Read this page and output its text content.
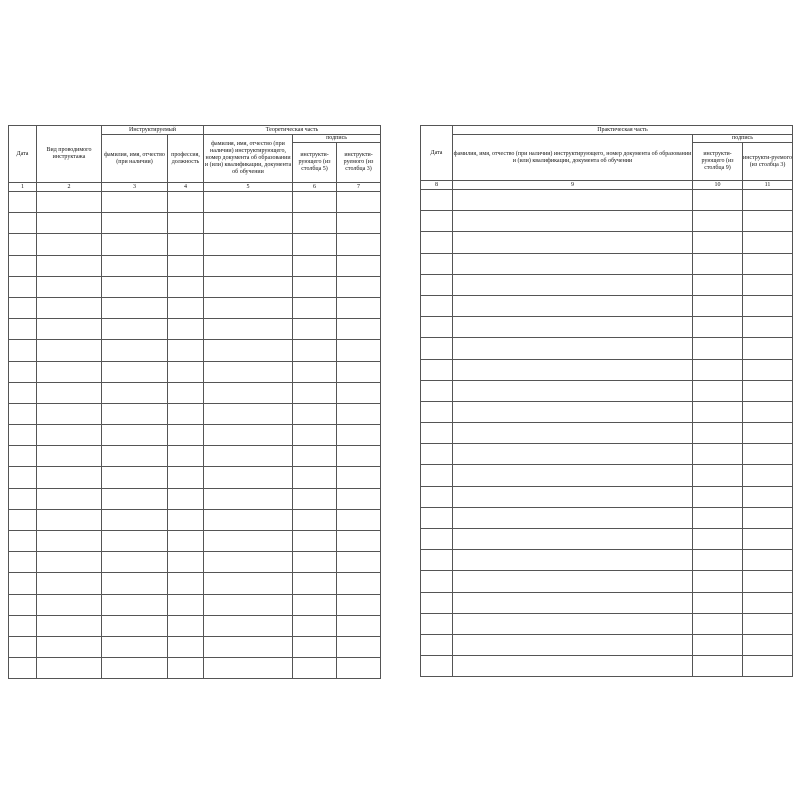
Дата	Вид проводимого инструктажа	Инструктируемый		Теоретическая часть		
		фамилия, имя, отчество (при наличии)	профессия, должность	фамилия, имя, отчество (при наличии) инструктирующего, номер документа об образовании и (или) квалификации, документа об обучении	подпись	
					инструкти-рующего (из столбца 5)	инструкти-руемого (из столбца 3)
1	2	3	4	5	6	7

Дата	Практическая часть		
	фамилия, имя, отчество (при наличии) инструктирующего, номер документа об образовании и (или) квалификации, документа об обучении	подпись	
		инструкти-рующего (из столбца 9)	инструкти-руемого (из столбца 3)
8	9	10	11
